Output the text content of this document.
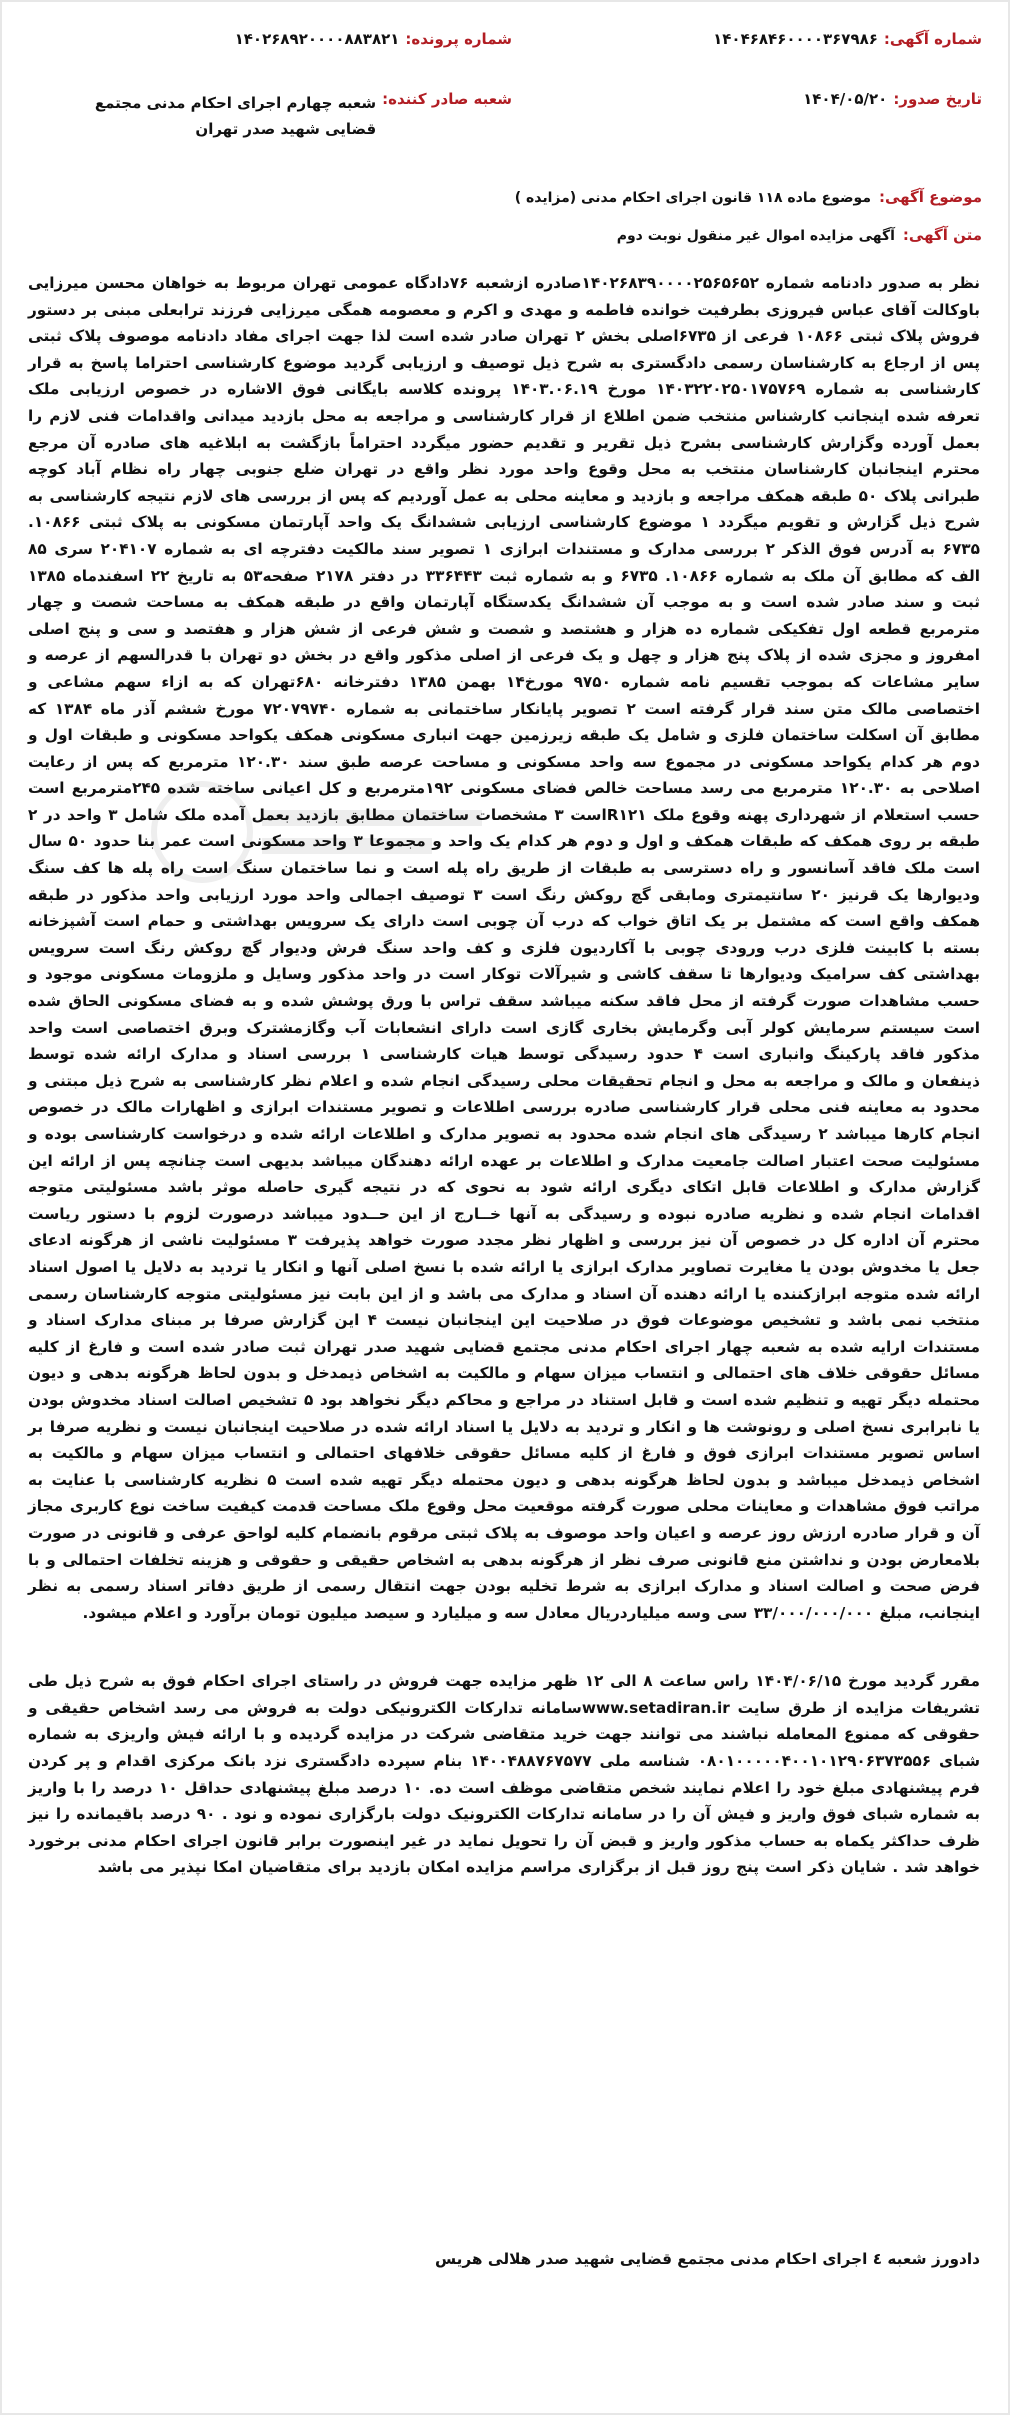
شماره آگهی:
۱۴۰۴۶۸۴۶۰۰۰۰۳۶۷۹۸۶
شماره پرونده:
۱۴۰۲۶۸۹۲۰۰۰۰۸۸۳۸۲۱
تاریخ صدور:
۱۴۰۴/۰۵/۲۰
شعبه صادر کننده:
شعبه چهارم اجرای احکام مدنی مجتمع قضایی شهید صدر تهران
موضوع آگهی:
موضوع ماده ۱۱۸ قانون اجرای احکام مدنی (مزایده )
متن آگهی:
آگهی مزایده اموال غیر منقول نوبت دوم

نظر به صدور دادنامه شماره ۱۴۰۲۶۸۳۹۰۰۰۰۲۵۶۵۶۵۲صادره ازشعبه ۷۶دادگاه عمومی تهران مربوط به خواهان محسن میرزایی باوکالت آقای عباس فیروزی بطرفیت خوانده فاطمه و مهدی و اکرم و معصومه همگی میرزایی فرزند ترابعلی مبنی بر دستور فروش پلاک ثبتی ۱۰۸۶۶ فرعی از ۶۷۳۵اصلی بخش ۲ تهران صادر شده است لذا جهت اجرای مفاد دادنامه موصوف پلاک ثبتی پس از ارجاع به کارشناسان رسمی دادگستری به شرح ذیل توصیف و ارزیابی گردید موضوع کارشناسی احتراما پاسخ به قرار کارشناسی به شماره ۱۴۰۳۲۲۰۲۵۰۱۷۵۷۶۹ مورخ ۱۴۰۳.۰۶.۱۹ پرونده کلاسه بایگانی فوق الاشاره در خصوص ارزیابی ملک تعرفه شده اینجانب کارشناس منتخب ضمن اطلاع از قرار کارشناسی و مراجعه به محل بازدید میدانی واقدامات فنی لازم را بعمل آورده وگزارش کارشناسی بشرح ذیل تقریر و تقدیم حضور میگردد احتراماً بازگشت به ابلاغیه های صادره آن مرجع محترم اینجانبان کارشناسان منتخب به محل وقوع واحد مورد نظر واقع در تهران ضلع جنوبی چهار راه نظام آباد کوچه طبرانی پلاک ۵۰ طبقه همکف مراجعه و بازدید و معاینه محلی به عمل آوردیم که پس از بررسی های لازم نتیجه کارشناسی به شرح ذیل گزارش و تقویم میگردد ۱ موضوع کارشناسی ارزیابی ششدانگ یک واحد آپارتمان مسکونی به پلاک ثبتی ۱۰۸۶۶. ۶۷۳۵ به آدرس فوق الذکر ۲ بررسی مدارک و مستندات ابرازی ۱ تصویر سند مالکیت دفترچه ای به شماره ۲۰۴۱۰۷ سری ۸۵ الف که مطابق آن ملک به شماره ۱۰۸۶۶. ۶۷۳۵ و به شماره ثبت ۳۳۶۴۴۳ در دفتر ۲۱۷۸ صفحه۵۳ به تاریخ ۲۲ اسفندماه ۱۳۸۵ ثبت و سند صادر شده است و به موجب آن ششدانگ یکدستگاه آپارتمان واقع در طبقه همکف به مساحت شصت و چهار مترمربع قطعه اول تفکیکی شماره ده هزار و هشتصد و شصت و شش فرعی از شش هزار و هفتصد و سی و پنج اصلی امفروز و مجزی شده از پلاک پنج هزار و چهل و یک فرعی از اصلی مذکور واقع در بخش دو تهران با قدرالسهم از عرصه و سایر مشاعات که بموجب تقسیم نامه شماره ۹۷۵۰ مورخ۱۴ بهمن ۱۳۸۵ دفترخانه ۶۸۰تهران که به ازاء سهم مشاعی و اختصاصی مالک متن سند قرار گرفته است ۲ تصویر پایانکار ساختمانی به شماره ۷۲۰۷۹۷۴۰ مورخ ششم آذر ماه ۱۳۸۴ که مطابق آن اسکلت ساختمان فلزی و شامل یک طبقه زیرزمین جهت انباری مسکونی همکف یکواحد مسکونی و طبقات اول و دوم هر کدام یکواحد مسکونی در مجموع سه واحد مسکونی و مساحت عرصه طبق سند ۱۲۰.۳۰ مترمربع که پس از رعایت اصلاحی به ۱۲۰.۳۰ مترمربع می رسد مساحت خالص فضای مسکونی ۱۹۲مترمربع و کل اعیانی ساخته شده ۲۴۵مترمربع است حسب استعلام از شهرداری پهنه وقوع ملک R۱۲۱است ۳ مشخصات ساختمان مطابق بازدید بعمل آمده ملک شامل ۳ واحد در ۲ طبقه بر روی همکف که طبقات همکف و اول و دوم هر کدام یک واحد و مجموعا ۳ واحد مسکونی است عمر بنا حدود ۵۰ سال است ملک فاقد آسانسور و راه دسترسی به طبقات از طریق راه پله است و نما ساختمان سنگ است راه پله ها کف سنگ ودیوارها یک قرنیز ۲۰ سانتیمتری ومابقی گچ روکش رنگ است ۳ توصیف اجمالی واحد مورد ارزیابی واحد مذکور در طبقه همکف واقع است که مشتمل بر یک اتاق خواب که درب آن چوبی است دارای یک سرویس بهداشتی و حمام است آشپزخانه بسته با کابینت فلزی درب ورودی چوبی با آکاردیون فلزی و کف واحد سنگ فرش ودیوار گچ روکش رنگ است سرویس بهداشتی کف سرامیک ودیوارها تا سقف کاشی و شیرآلات توکار است در واحد مذکور وسایل و ملزومات مسکونی موجود و حسب مشاهدات صورت گرفته از محل فاقد سکنه میباشد سقف تراس با ورق پوشش شده و به فضای مسکونی الحاق شده است سیستم سرمایش کولر آبی وگرمایش بخاری گازی است دارای انشعابات آب وگازمشترک وبرق اختصاصی است واحد مذکور فاقد پارکینگ وانباری است ۴ حدود رسیدگی توسط هیات کارشناسی ۱ بررسی اسناد و مدارک ارائه شده توسط ذینفعان و مالک و مراجعه به محل و انجام تحقیقات محلی رسیدگی انجام شده و اعلام نظر کارشناسی به شرح ذیل مبتنی و محدود به معاینه فنی محلی قرار کارشناسی صادره بررسی اطلاعات و تصویر مستندات ابرازی و اظهارات مالک در خصوص انجام کارها میباشد ۲ رسیدگی های انجام شده محدود به تصویر مدارک و اطلاعات ارائه شده و درخواست کارشناسی بوده و مسئولیت صحت اعتبار اصالت جامعیت مدارک و اطلاعات بر عهده ارائه دهندگان میباشد بدیهی است چنانچه پس از ارائه این گزارش مدارک و اطلاعات قابل اتکای دیگری ارائه شود به نحوی که در نتیجه گیری حاصله موثر باشد مسئولیتی متوجه اقدامات انجام شده و نظریه صادره نبوده و رسیدگی به آنها خــارج از این حــدود میباشد درصورت لزوم با دستور ریاست محترم آن اداره کل در خصوص آن نیز بررسی و اظهار نظر مجدد صورت خواهد پذیرفت ۳ مسئولیت ناشی از هرگونه ادعای جعل یا مخدوش بودن یا مغایرت تصاویر مدارک ابرازی یا ارائه شده با نسخ اصلی آنها و انکار یا تردید به دلایل یا اصول اسناد ارائه شده متوجه ابرازکننده یا ارائه دهنده آن اسناد و مدارک می باشد و از این بابت نیز مسئولیتی متوجه کارشناسان رسمی منتخب نمی باشد و تشخیص موضوعات فوق در صلاحیت این اینجانبان نیست ۴ این گزارش صرفا بر مبنای مدارک اسناد و مستندات ارایه شده به شعبه چهار اجرای احکام مدنی مجتمع قضایی شهید صدر تهران ثبت صادر شده است و فارغ از کلیه مسائل حقوقی خلاف های احتمالی و انتساب میزان سهام و مالکیت به اشخاص ذیمدخل و بدون لحاظ هرگونه بدهی و دیون محتمله دیگر تهیه و تنظیم شده است و قابل استناد در مراجع و محاکم دیگر نخواهد بود ۵ تشخیص اصالت اسناد مخدوش بودن یا نابرابری نسخ اصلی و رونوشت ها و انکار و تردید به دلایل یا اسناد ارائه شده در صلاحیت اینجانبان نیست و نظریه صرفا بر اساس تصویر مستندات ابرازی فوق و فارغ از کلیه مسائل حقوقی خلافهای احتمالی و انتساب میزان سهام و مالکیت به اشخاص ذیمدخل میباشد و بدون لحاظ هرگونه بدهی و دیون محتمله دیگر تهیه شده است ۵ نظریه کارشناسی با عنایت به مراتب فوق مشاهدات و معاینات محلی صورت گرفته موقعیت محل وقوع ملک مساحت قدمت کیفیت ساخت نوع کاربری مجاز آن و قرار صادره ارزش روز عرصه و اعیان واحد موصوف به پلاک ثبتی مرقوم بانضمام کلیه لواحق عرفی و قانونی در صورت بلامعارض بودن و نداشتن منع قانونی صرف نظر از هرگونه بدهی به اشخاص حقیقی و حقوقی و هزینه تخلفات احتمالی و با فرض صحت و اصالت اسناد و مدارک ابرازی به شرط تخلیه بودن جهت انتقال رسمی از طریق دفاتر اسناد رسمی به نظر اینجانب، مبلغ ۳۳/۰۰۰/۰۰۰/۰۰۰ سی وسه میلیاردریال معادل سه و میلیارد و سیصد میلیون تومان برآورد و اعلام میشود.

مقرر گردید مورخ ۱۴۰۴/۰۶/۱۵ راس ساعت ۸ الی ۱۲ ظهر مزایده جهت فروش در راستای اجرای احکام فوق به شرح ذیل طی تشریفات مزایده از طرق سایت www.setadiran.irسامانه تدارکات الکترونیکی دولت به فروش می رسد اشخاص حقیقی و حقوقی که ممنوع المعامله نباشند می توانند جهت خرید متقاضی شرکت در مزایده گردیده و با ارائه فیش واریزی به شماره شبای ۰۸۰۱۰۰۰۰۰۴۰۰۱۰۱۲۹۰۶۳۷۳۵۵۶ شناسه ملی ۱۴۰۰۴۸۸۷۶۷۵۷۷ بنام سپرده دادگستری نزد بانک مرکزی اقدام و پر کردن فرم پیشنهادی مبلغ خود را اعلام نمایند شخص متقاضی موظف است ده. ۱۰ درصد مبلغ پیشنهادی حداقل ۱۰ درصد را با واریز به شماره شبای فوق واریز و فیش آن را در سامانه تدارکات الکترونیک دولت بارگزاری نموده و نود . ۹۰ درصد باقیمانده را نیز ظرف حداکثر یکماه به حساب مذکور واریز و قبض آن را تحویل نماید در غیر اینصورت برابر قانون اجرای احکام مدنی برخورد خواهد شد . شایان ذکر است پنج روز قبل از برگزاری مراسم مزایده امکان بازدید برای متقاضیان امکا نپذیر می باشد

دادورز شعبه ٤ اجرای احکام مدنی مجتمع قضایی شهید صدر هلالی هریس
